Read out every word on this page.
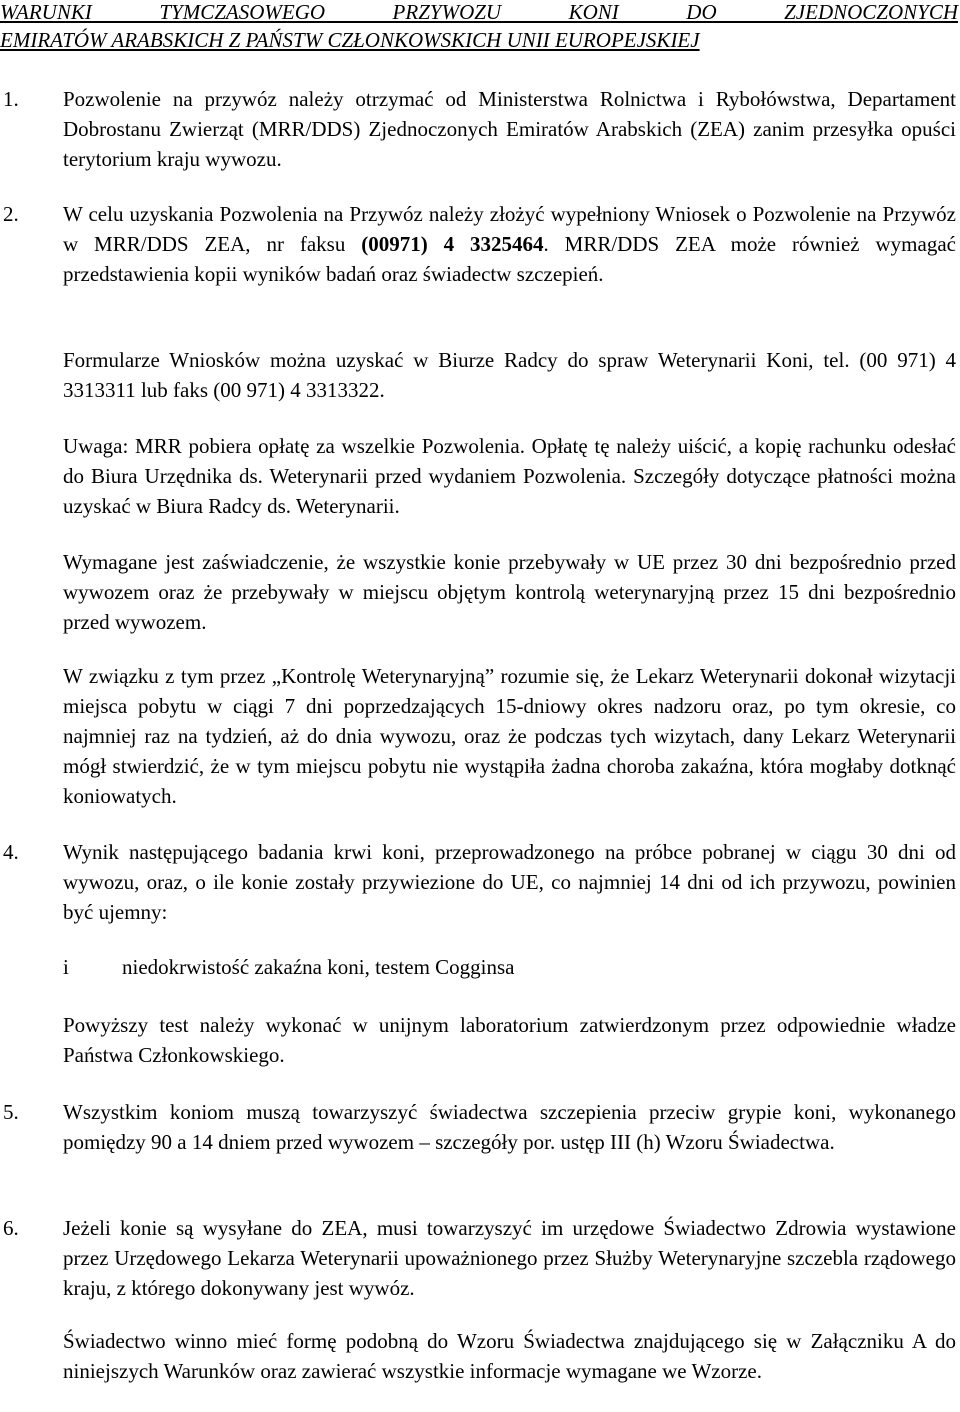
WARUNKI TYMCZASOWEGO PRZYWOZU KONI DO ZJEDNOCZONYCH
EMIRATÓW ARABSKICH Z PAŃSTW CZŁONKOWSKICH UNII EUROPEJSKIEJ
1.	Pozwolenie na przywóz należy otrzymać od Ministerstwa Rolnictwa i Rybołówstwa, Departament Dobrostanu Zwierząt (MRR/DDS) Zjednoczonych Emiratów Arabskich (ZEA) zanim przesyłka opuści terytorium kraju wywozu.

2.	W celu uzyskania Pozwolenia na Przywóz należy złożyć wypełniony Wniosek o Pozwolenie na Przywóz w MRR/DDS ZEA, nr faksu (00971) 4 3325464. MRR/DDS ZEA może również wymagać przedstawienia kopii wyników badań oraz świadectw szczepień.

Formularze Wniosków można uzyskać w Biurze Radcy do spraw Weterynarii Koni, tel. (00 971) 4 3313311 lub faks (00 971) 4 3313322.

Uwaga: MRR pobiera opłatę za wszelkie Pozwolenia. Opłatę tę należy uiścić, a kopię rachunku odesłać do Biura Urzędnika ds. Weterynarii przed wydaniem Pozwolenia. Szczegóły dotyczące płatności można uzyskać w Biura Radcy ds. Weterynarii.

Wymagane jest zaświadczenie, że wszystkie konie przebywały w UE przez 30 dni bezpośrednio przed wywozem oraz że przebywały w miejscu objętym kontrolą weterynaryjną przez 15 dni bezpośrednio przed wywozem.

W związku z tym przez „Kontrolę Weterynaryjną” rozumie się, że Lekarz Weterynarii dokonał wizytacji miejsca pobytu w ciągi 7 dni poprzedzających 15-dniowy okres nadzoru oraz, po tym okresie, co najmniej raz na tydzień, aż do dnia wywozu, oraz że podczas tych wizytach, dany Lekarz Weterynarii mógł stwierdzić, że w tym miejscu pobytu nie wystąpiła żadna choroba zakaźna, która mogłaby dotknąć koniowatych.

4.	Wynik następującego badania krwi koni, przeprowadzonego na próbce pobranej w ciągu 30 dni od wywozu, oraz, o ile konie zostały przywiezione do UE, co najmniej 14 dni od ich przywozu, powinien być ujemny:

i	niedokrwistość zakaźna koni, testem Cogginsa

Powyższy test należy wykonać w unijnym laboratorium zatwierdzonym przez odpowiednie władze Państwa Członkowskiego.

5.	Wszystkim koniom muszą towarzyszyć świadectwa szczepienia przeciw grypie koni, wykonanego pomiędzy 90 a 14 dniem przed wywozem – szczegóły por. ustęp III (h) Wzoru Świadectwa.

6.	Jeżeli konie są wysyłane do ZEA, musi towarzyszyć im urzędowe Świadectwo Zdrowia wystawione przez Urzędowego Lekarza Weterynarii upoważnionego przez Służby Weterynaryjne szczebla rządowego kraju, z którego dokonywany jest wywóz.

Świadectwo winno mieć formę podobną do Wzoru Świadectwa znajdującego się w Załączniku A do niniejszych Warunków oraz zawierać wszystkie informacje wymagane we Wzorze.
